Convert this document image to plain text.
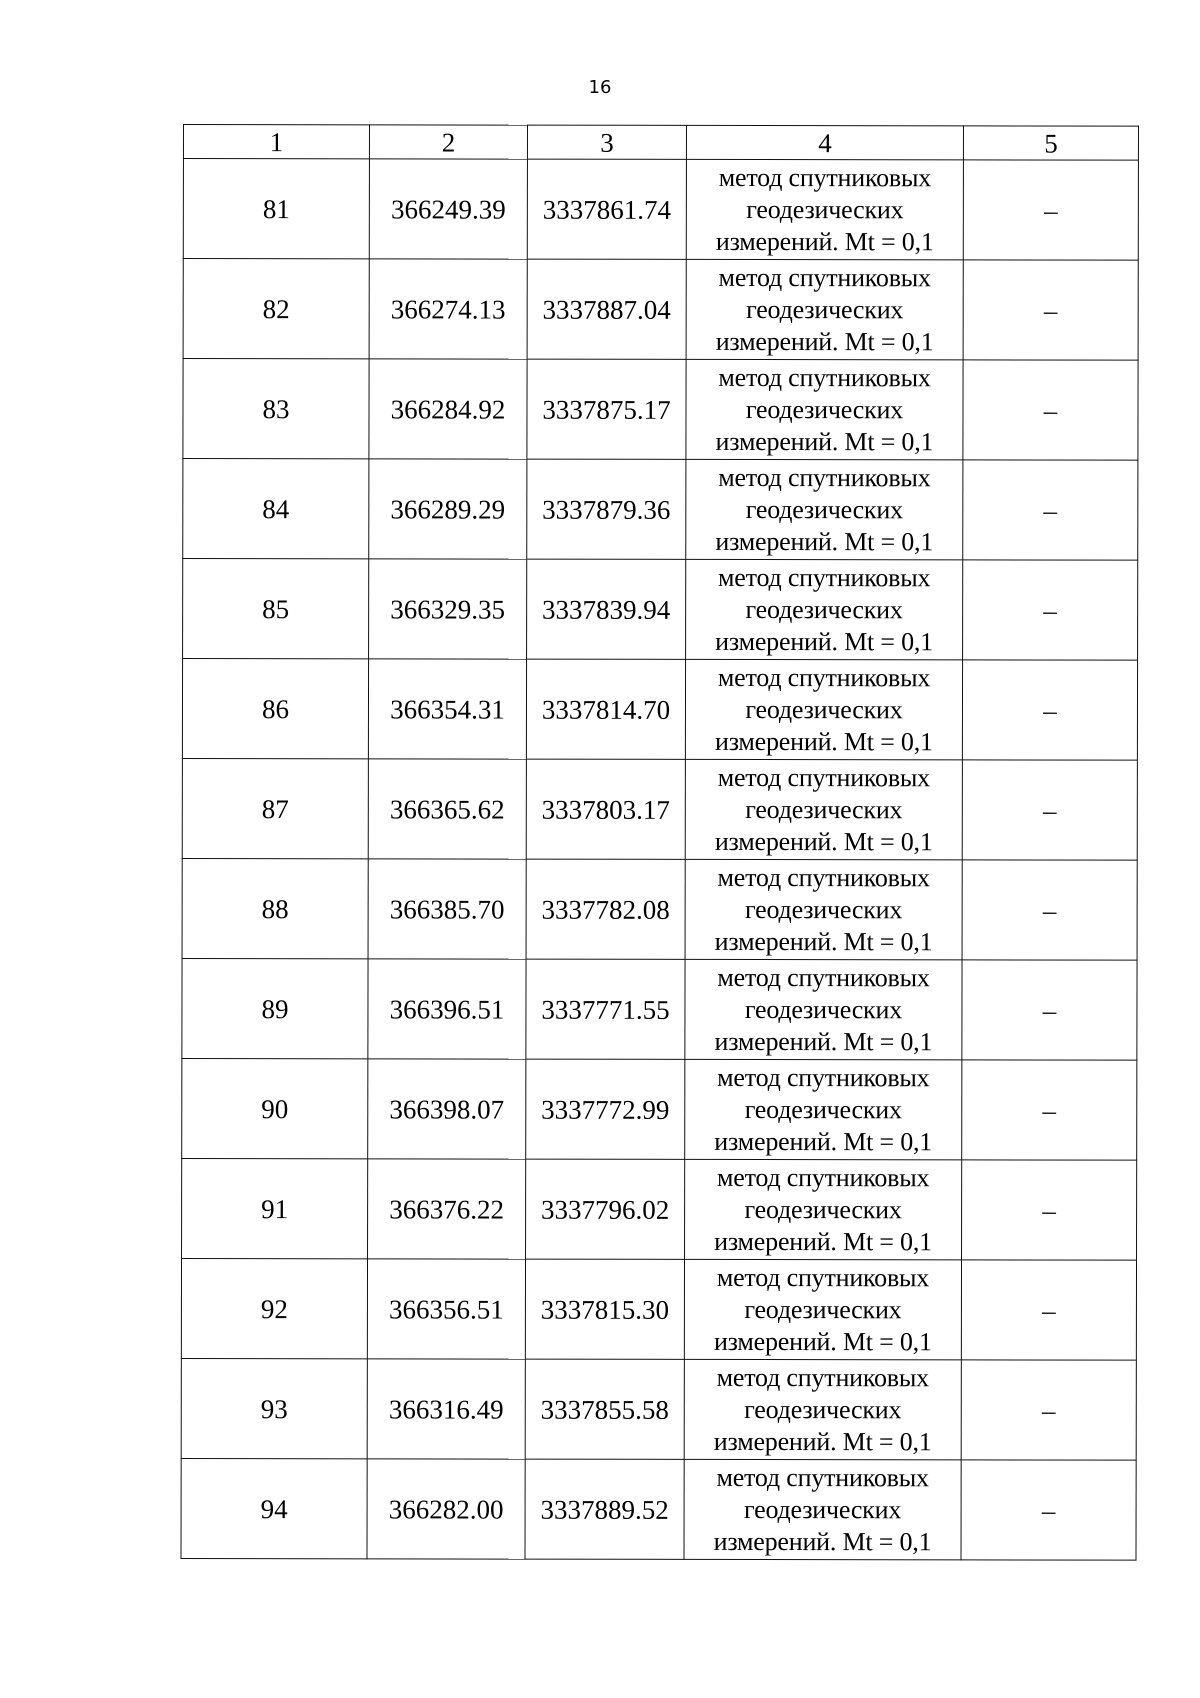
16
1	2	3	4	5
81	366249.39	3337861.74	метод спутниковых
геодезических
измерений. Mt = 0,1	–
82	366274.13	3337887.04	метод спутниковых
геодезических
измерений. Mt = 0,1	–
83	366284.92	3337875.17	метод спутниковых
геодезических
измерений. Mt = 0,1	–
84	366289.29	3337879.36	метод спутниковых
геодезических
измерений. Mt = 0,1	–
85	366329.35	3337839.94	метод спутниковых
геодезических
измерений. Mt = 0,1	–
86	366354.31	3337814.70	метод спутниковых
геодезических
измерений. Mt = 0,1	–
87	366365.62	3337803.17	метод спутниковых
геодезических
измерений. Mt = 0,1	–
88	366385.70	3337782.08	метод спутниковых
геодезических
измерений. Mt = 0,1	–
89	366396.51	3337771.55	метод спутниковых
геодезических
измерений. Mt = 0,1	–
90	366398.07	3337772.99	метод спутниковых
геодезических
измерений. Mt = 0,1	–
91	366376.22	3337796.02	метод спутниковых
геодезических
измерений. Mt = 0,1	–
92	366356.51	3337815.30	метод спутниковых
геодезических
измерений. Mt = 0,1	–
93	366316.49	3337855.58	метод спутниковых
геодезических
измерений. Mt = 0,1	–
94	366282.00	3337889.52	метод спутниковых
геодезических
измерений. Mt = 0,1	–
